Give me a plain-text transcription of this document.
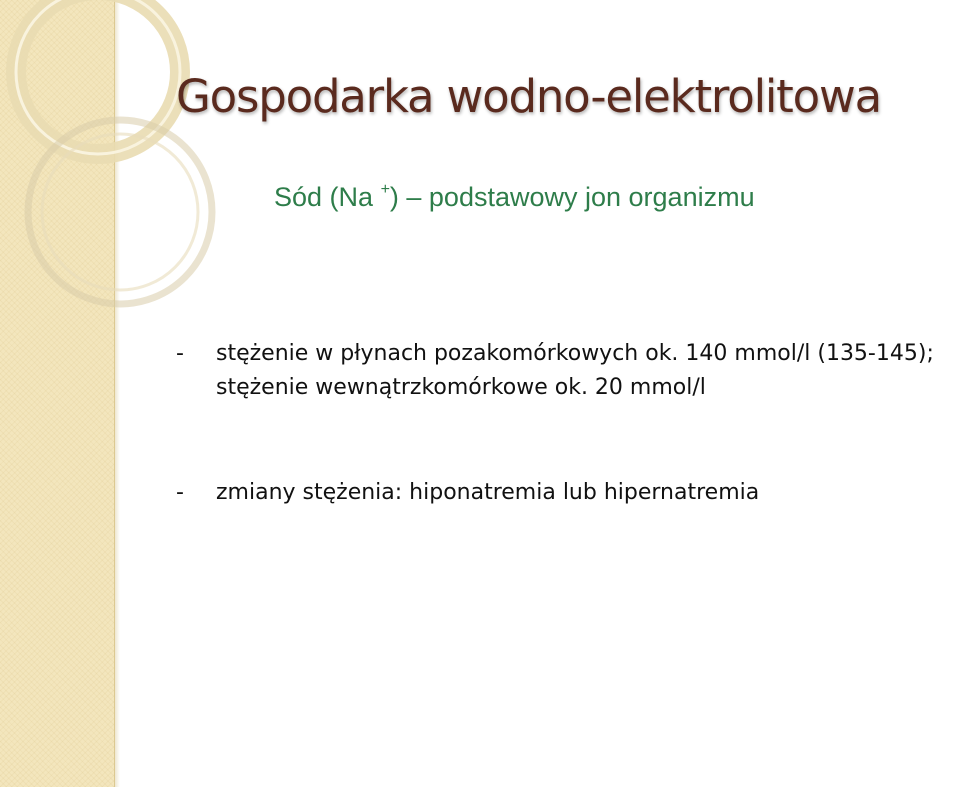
Gospodarka wodno-elektrolitowa
Sód (Na +) – podstawowy jon organizmu
- stężenie w płynach pozakomórkowych ok. 140 mmol/l (135-145); stężenie wewnątrzkomórkowe ok. 20 mmol/l
- zmiany stężenia: hiponatremia lub hipernatremia
